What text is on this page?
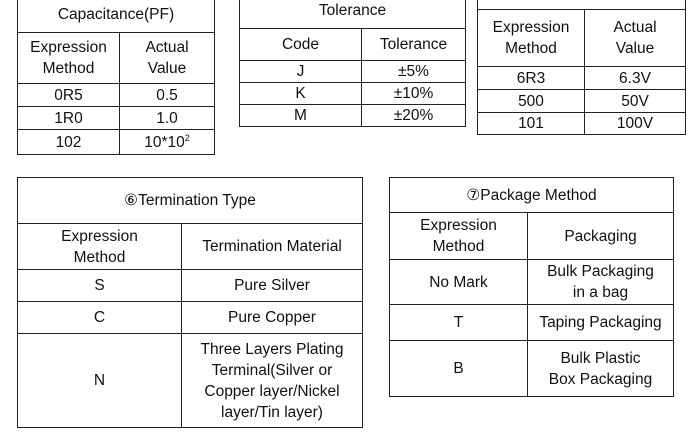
Capacitance(PF)	
Expression Method	Actual Value
0R5	0.5
1R0	1.0
102	$10*10^2$
Tolerance	
Code	Tolerance
J	±5%
K	±10%
M	±20%

Expression Method	Actual Value
6R3	6.3V
500	50V
101	100V
⑥Termination Type	
Expression Method	Termination Material
S	Pure Silver
C	Pure Copper
N	Three Layers Plating Terminal(Silver or Copper layer/Nickel layer/Tin layer)
⑦Package Method	
Expression Method	Packaging
No Mark	Bulk Packaging in a bag
T	Taping Packaging
B	Bulk Plastic Box Packaging
